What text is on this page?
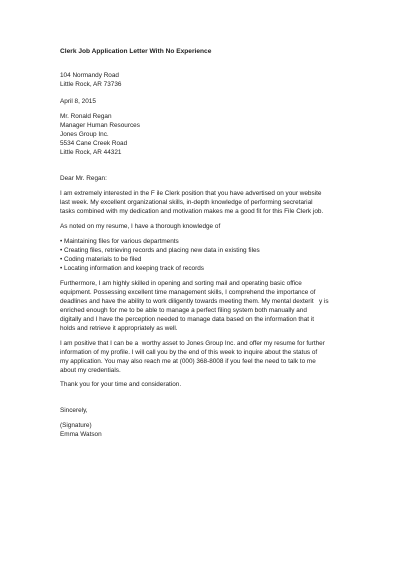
Clerk Job Application Letter With No Experience
104 Normandy Road
Little Rock, AR 73736
April 8, 2015
Mr. Ronald Regan
Manager Human Resources
Jones Group Inc.
5534 Cane Creek Road
Little Rock, AR 44321
Dear Mr. Regan:
I am extremely interested in the F ile Clerk position that you have advertised on your website
last week. My excellent organizational skills, in-depth knowledge of performing secretarial
tasks combined with my dedication and motivation makes me a good fit for this File Clerk job.
As noted on my resume, I have a thorough knowledge of
• Maintaining files for various departments
• Creating files, retrieving records and placing new data in existing files
• Coding materials to be filed
• Locating information and keeping track of records
Furthermore, I am highly skilled in opening and sorting mail and operating basic office
equipment. Possessing excellent time management skills, I comprehend the importance of
deadlines and have the ability to work diligently towards meeting them. My mental dexterit   y is
enriched enough for me to be able to manage a perfect filing system both manually and
digitally and I have the perception needed to manage data based on the information that it
holds and retrieve it appropriately as well.
I am positive that I can be a  worthy asset to Jones Group Inc. and offer my resume for further
information of my profile. I will call you by the end of this week to inquire about the status of
my application. You may also reach me at (000) 368-8008 if you feel the need to talk to me
about my credentials.
Thank you for your time and consideration.
Sincerely,
(Signature)
Emma Watson
